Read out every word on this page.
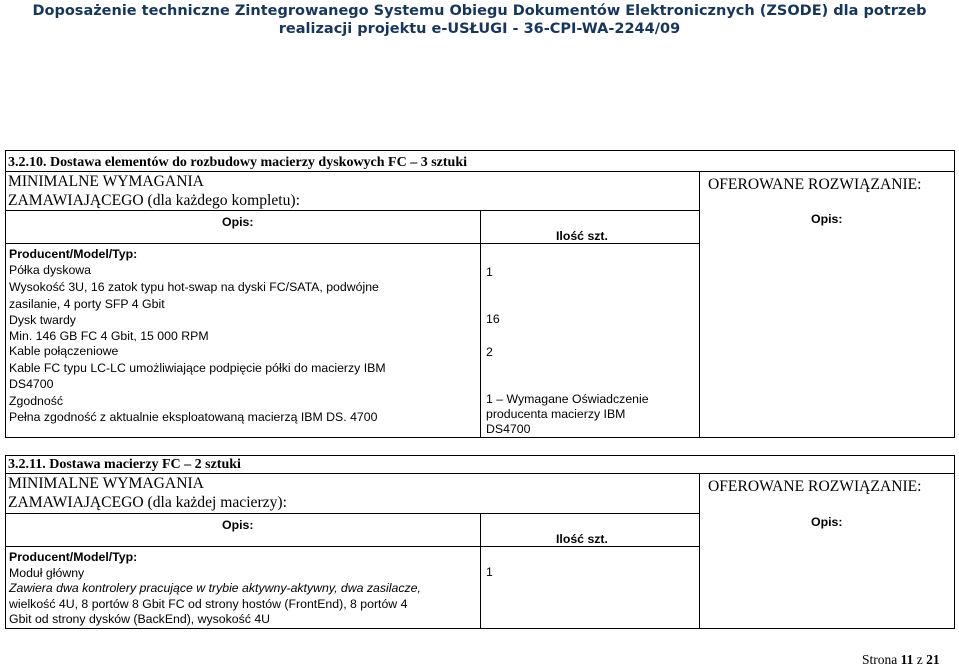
Doposażenie techniczne Zintegrowanego Systemu Obiegu Dokumentów Elektronicznych (ZSODE) dla potrzeb
realizacji projektu e-USŁUGI - 36-CPI-WA-2244/09
3.2.10. Dostawa elementów do rozbudowy macierzy dyskowych FC – 3 sztuki
MINIMALNE WYMAGANIA
ZAMAWIAJĄCEGO (dla każdego kompletu):
OFEROWANE ROZWIĄZANIE:
Opis:	Opis:
Ilość szt.
Producent/Model/Typ:
Półka dyskowa
Wysokość 3U, 16 zatok typu hot-swap na dyski FC/SATA, podwójne
zasilanie, 4 porty SFP 4 Gbit
1
Dysk twardy
Min. 146 GB FC 4 Gbit, 15 000 RPM
16
Kable połączeniowe
Kable FC typu LC-LC umożliwiające podpięcie półki do macierzy IBM
DS4700
2
Zgodność
Pełna zgodność z aktualnie eksploatowaną macierzą IBM DS. 4700
1 – Wymagane Oświadczenie
producenta macierzy IBM
DS4700
3.2.11. Dostawa macierzy FC – 2 sztuki
MINIMALNE WYMAGANIA
ZAMAWIAJĄCEGO (dla każdej macierzy):
OFEROWANE ROZWIĄZANIE:
Opis:	Opis:
Ilość szt.
Producent/Model/Typ:
Moduł główny
Zawiera dwa kontrolery pracujące w trybie aktywny-aktywny, dwa zasilacze,
wielkość 4U, 8 portów 8 Gbit FC od strony hostów (FrontEnd), 8 portów 4
Gbit od strony dysków (BackEnd), wysokość 4U
1
Strona 11 z 21
